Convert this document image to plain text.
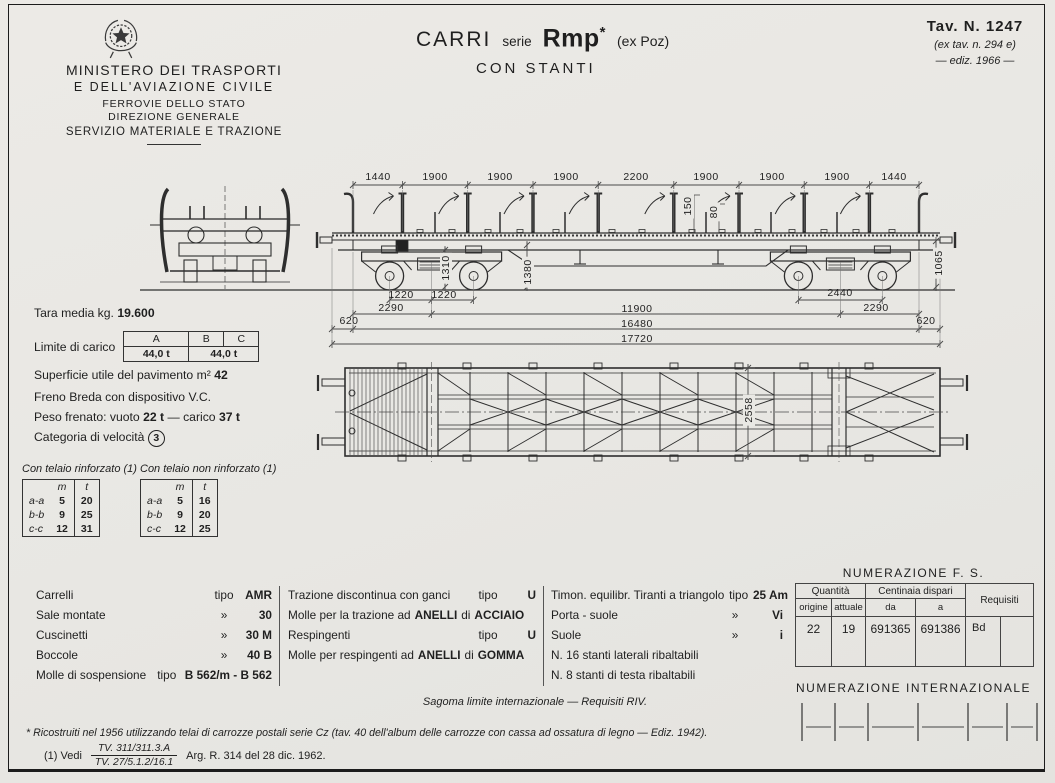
MINISTERO DEI TRASPORTI
E DELL'AVIAZIONE CIVILE
FERROVIE DELLO STATO
DIREZIONE GENERALE
SERVIZIO MATERIALE E TRAZIONE
CARRI serie Rmp*
(ex Poz)
CON STANTI
Tav. N. 1247
(ex tav. n. 294 e)
— ediz. 1966 —
1440	1900	1900	1900	2200	1900	1900	1900	1440
150 80
1310	1380	1065
1220 1220	2440
2290	11900	2290
620	16480	620
17720
2558
Tara media kg. 19.600
Limite di carico
A	B	C
44,0 t	44,0 t	
Superficie utile del pavimento m² 42
Freno Breda con dispositivo V.C.
Peso frenato: vuoto 22 t — carico 37 t
Categoria di velocità 3
Con telaio rinforzato (1) Con telaio non rinforzato (1)
	m	t
a-a	5	20
b-b	9	25
c-c	12	31
	m	t
a-a	5	16
b-b	9	20
c-c	12	25
Carrelli	tipo AMR
Sale montate	»	30
Cuscinetti	»	30 M
Boccole	»	40 B
Molle di sospensione tipo B 562/m - B 562
Trazione discontinua con ganci	tipo	U
Molle per la trazione ad ANELLI di ACCIAIO
Respingenti	tipo	U
Molle per respingenti ad ANELLI di GOMMA
Timon. equilibr. Tiranti a triangolo tipo 25 Am
Porta - suole	»	Vi
Suole	»	i
N. 16 stanti laterali ribaltabili
N. 8 stanti di testa ribaltabili
NUMERAZIONE F. S.
Quantità		Centinaia dispari		Requisiti	
origine	attuale	da	a		
22	19	691365	691386	Bd	
NUMERAZIONE INTERNAZIONALE
Sagoma limite internazionale — Requisiti RIV.
* Ricostruiti nel 1956 utilizzando telai di carrozze postali serie Cz (tav. 40 dell'album delle carrozze con cassa ad ossatura di legno — Ediz. 1942).
(1) Vedi $\frac{TV. 311/311.3.A}{TV. 27/5.1.2/16.1}$ Arg. R. 314 del 28 dic. 1962.
